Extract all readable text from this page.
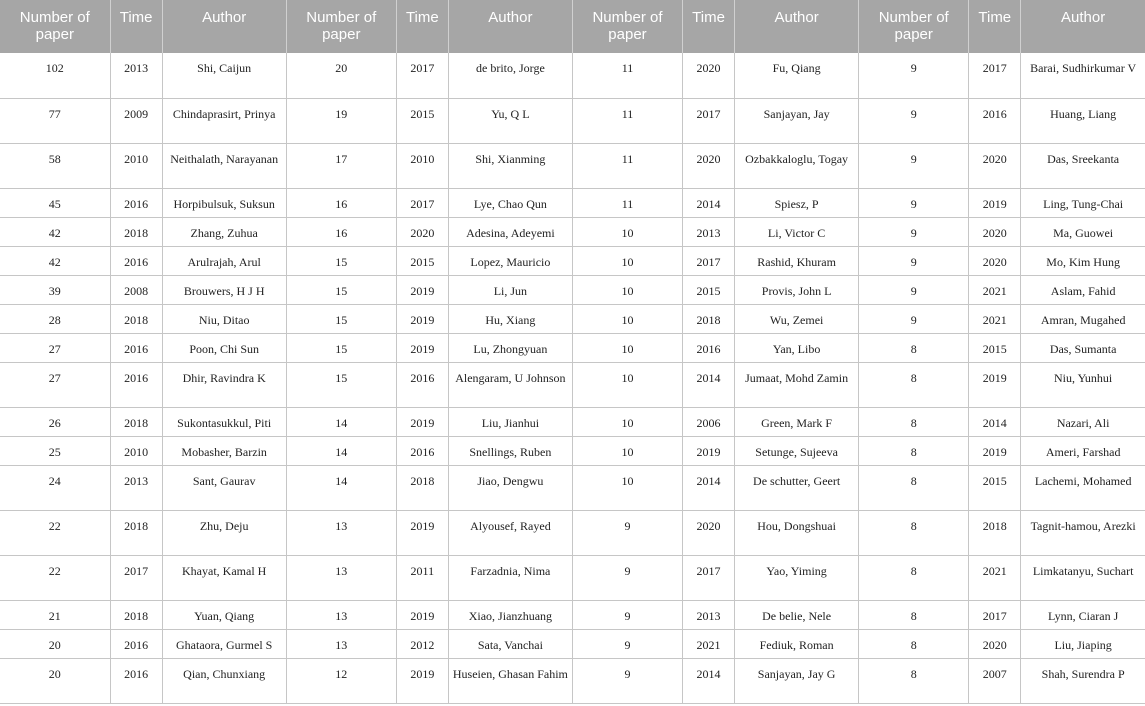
Number of paper	Time	Author	Number of paper	Time	Author	Number of paper	Time	Author	Number of paper	Time	Author
102	2013	Shi, Caijun	20	2017	de brito, Jorge	11	2020	Fu, Qiang	9	2017	Barai, Sudhirkumar V
77	2009	Chindaprasirt, Prinya	19	2015	Yu, Q L	11	2017	Sanjayan, Jay	9	2016	Huang, Liang
58	2010	Neithalath, Narayanan	17	2010	Shi, Xianming	11	2020	Ozbakkaloglu, Togay	9	2020	Das, Sreekanta
45	2016	Horpibulsuk, Suksun	16	2017	Lye, Chao Qun	11	2014	Spiesz, P	9	2019	Ling, Tung-Chai
42	2018	Zhang, Zuhua	16	2020	Adesina, Adeyemi	10	2013	Li, Victor C	9	2020	Ma, Guowei
42	2016	Arulrajah, Arul	15	2015	Lopez, Mauricio	10	2017	Rashid, Khuram	9	2020	Mo, Kim Hung
39	2008	Brouwers, H J H	15	2019	Li, Jun	10	2015	Provis, John L	9	2021	Aslam, Fahid
28	2018	Niu, Ditao	15	2019	Hu, Xiang	10	2018	Wu, Zemei	9	2021	Amran, Mugahed
27	2016	Poon, Chi Sun	15	2019	Lu, Zhongyuan	10	2016	Yan, Libo	8	2015	Das, Sumanta
27	2016	Dhir, Ravindra K	15	2016	Alengaram, U Johnson	10	2014	Jumaat, Mohd Zamin	8	2019	Niu, Yunhui
26	2018	Sukontasukkul, Piti	14	2019	Liu, Jianhui	10	2006	Green, Mark F	8	2014	Nazari, Ali
25	2010	Mobasher, Barzin	14	2016	Snellings, Ruben	10	2019	Setunge, Sujeeva	8	2019	Ameri, Farshad
24	2013	Sant, Gaurav	14	2018	Jiao, Dengwu	10	2014	De schutter, Geert	8	2015	Lachemi, Mohamed
22	2018	Zhu, Deju	13	2019	Alyousef, Rayed	9	2020	Hou, Dongshuai	8	2018	Tagnit-hamou, Arezki
22	2017	Khayat, Kamal H	13	2011	Farzadnia, Nima	9	2017	Yao, Yiming	8	2021	Limkatanyu, Suchart
21	2018	Yuan, Qiang	13	2019	Xiao, Jianzhuang	9	2013	De belie, Nele	8	2017	Lynn, Ciaran J
20	2016	Ghataora, Gurmel S	13	2012	Sata, Vanchai	9	2021	Fediuk, Roman	8	2020	Liu, Jiaping
20	2016	Qian, Chunxiang	12	2019	Huseien, Ghasan Fahim	9	2014	Sanjayan, Jay G	8	2007	Shah, Surendra P
